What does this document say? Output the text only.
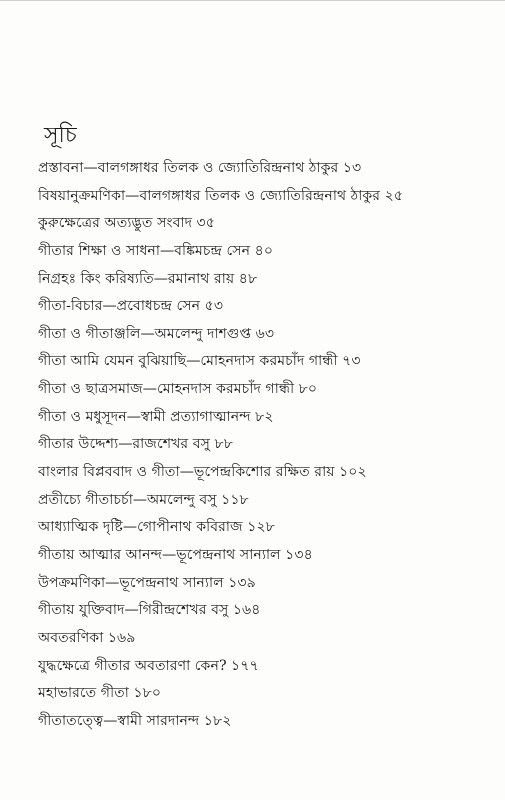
সূচি
প্রস্তাবনা—বালগঙ্গাধর তিলক ও জ্যোতিরিন্দ্রনাথ ঠাকুর ১৩
বিষয়ানুক্রমণিকা—বালগঙ্গাধর তিলক ও জ্যোতিরিন্দ্রনাথ ঠাকুর ২৫
কুরুক্ষেত্রের অত্যদ্ভুত সংবাদ ৩৫
গীতার শিক্ষা ও সাধনা—বঙ্কিমচন্দ্র সেন ৪০
নিগ্রহঃ কিং করিষ্যতি—রমানাথ রায় ৪৮
গীতা-বিচার—প্রবোধচন্দ্র সেন ৫৩
গীতা ও গীতাঞ্জলি—অমলেন্দু দাশগুপ্ত ৬৩
গীতা আমি যেমন বুঝিয়াছি—মোহনদাস করমচাঁদ গান্ধী ৭৩
গীতা ও ছাত্রসমাজ—মোহনদাস করমচাঁদ গান্ধী ৮০
গীতা ও মধুসূদন—স্বামী প্রত্যাগাত্মানন্দ ৮২
গীতার উদ্দেশ্য—রাজশেখর বসু ৮৮
বাংলার বিপ্লববাদ ও গীতা—ভূপেন্দ্রকিশোর রক্ষিত রায় ১০২
প্রতীচ্যে গীতাচর্চা—অমলেন্দু বসু ১১৮
আধ্যাত্মিক দৃষ্টি—গোপীনাথ কবিরাজ ১২৮
গীতায় আত্মার আনন্দ—ভূপেন্দ্রনাথ সান্যাল ১৩৪
উপক্রমণিকা—ভূপেন্দ্রনাথ সান্যাল ১৩৯
গীতায় যুক্তিবাদ—গিরীন্দ্রশেখর বসু ১৬৪
অবতরণিকা ১৬৯
যুদ্ধক্ষেত্রে গীতার অবতারণা কেন? ১৭৭
মহাভারতে গীতা ১৮০
গীতাতত্ত্বে—স্বামী সারদানন্দ ১৮২
